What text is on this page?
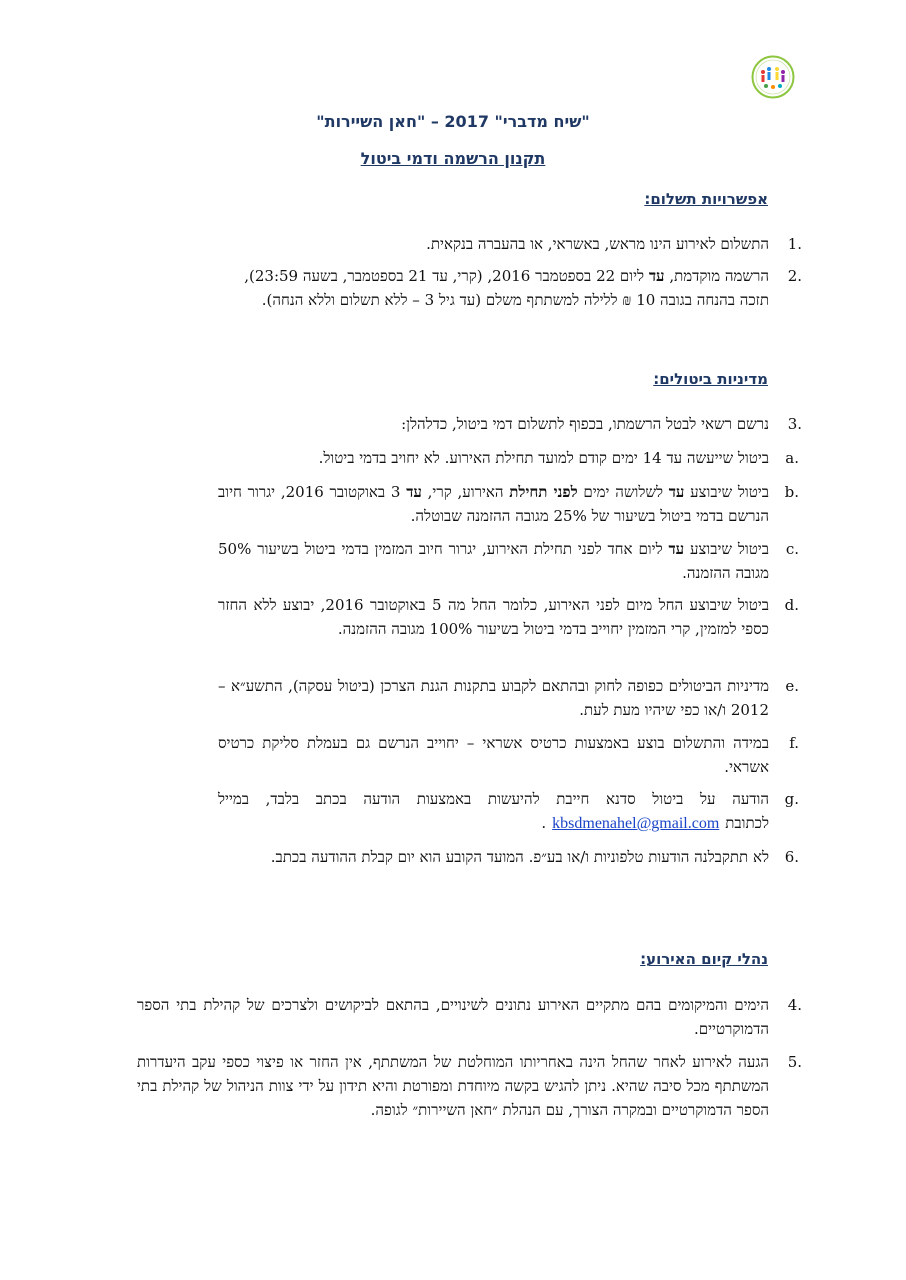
"שיח מדברי" 2017 – "חאן השיירות"
תקנון הרשמה ודמי ביטול
אפשרויות תשלום:
1.
התשלום לאירוע הינו מראש, באשראי, או בהעברה בנקאית.
2.
הרשמה מוקדמת, עד ליום 22 בספטמבר 2016, (קרי, עד 21 בספטמבר, בשעה 23:59),
תזכה בהנחה בגובה 10 ₪ ללילה למשתתף משלם (עד גיל 3 – ללא תשלום וללא הנחה).
מדיניות ביטולים:
3.
נרשם רשאי לבטל הרשמתו, בכפוף לתשלום דמי ביטול, כדלהלן:
a.
ביטול שייעשה עד 14 ימים קודם למועד תחילת האירוע. לא יחויב בדמי ביטול.
b.
ביטול שיבוצע עד לשלושה ימים לפני תחילת האירוע, קרי, עד 3 באוקטובר 2016, יגרור חיוב הנרשם בדמי ביטול בשיעור של 25% מגובה ההזמנה שבוטלה.
c.
ביטול שיבוצע עד ליום אחד לפני תחילת האירוע, יגרור חיוב המזמין בדמי ביטול בשיעור 50% מגובה ההזמנה.
d.
ביטול שיבוצע החל מיום לפני האירוע, כלומר החל מה 5 באוקטובר 2016, יבוצע ללא החזר כספי למזמין, קרי המזמין יחוייב בדמי ביטול בשיעור 100% מגובה ההזמנה.
e.
מדיניות הביטולים כפופה לחוק ובהתאם לקבוע בתקנות הגנת הצרכן (ביטול עסקה), התשע״א – 2012 ו/או כפי שיהיו מעת לעת.
f.
במידה והתשלום בוצע באמצעות כרטיס אשראי – יחוייב הנרשם גם בעמלת סליקת כרטיס אשראי.
g.
הודעה על ביטול סדנא חייבת להיעשות באמצעות הודעה בכתב בלבד, במייל לכתובתkbsdmenahel@gmail.com.
6.
לא תתקבלנה הודעות טלפוניות ו/או בע״פ. המועד הקובע הוא יום קבלת ההודעה בכתב.
נהלי קיום האירוע:
4.
הימים והמיקומים בהם מתקיים האירוע נתונים לשינויים, בהתאם לביקושים ולצרכים של קהילת בתי הספר הדמוקרטיים.
5.
הגעה לאירוע לאחר שהחל הינה באחריותו המוחלטת של המשתתף, אין החזר או פיצוי כספי עקב היעדרות המשתתף מכל סיבה שהיא. ניתן להגיש בקשה מיוחדת ומפורטת והיא תידון על ידי צוות הניהול של קהילת בתי הספר הדמוקרטיים ובמקרה הצורך, עם הנהלת ״חאן השיירות״ לגופה.
